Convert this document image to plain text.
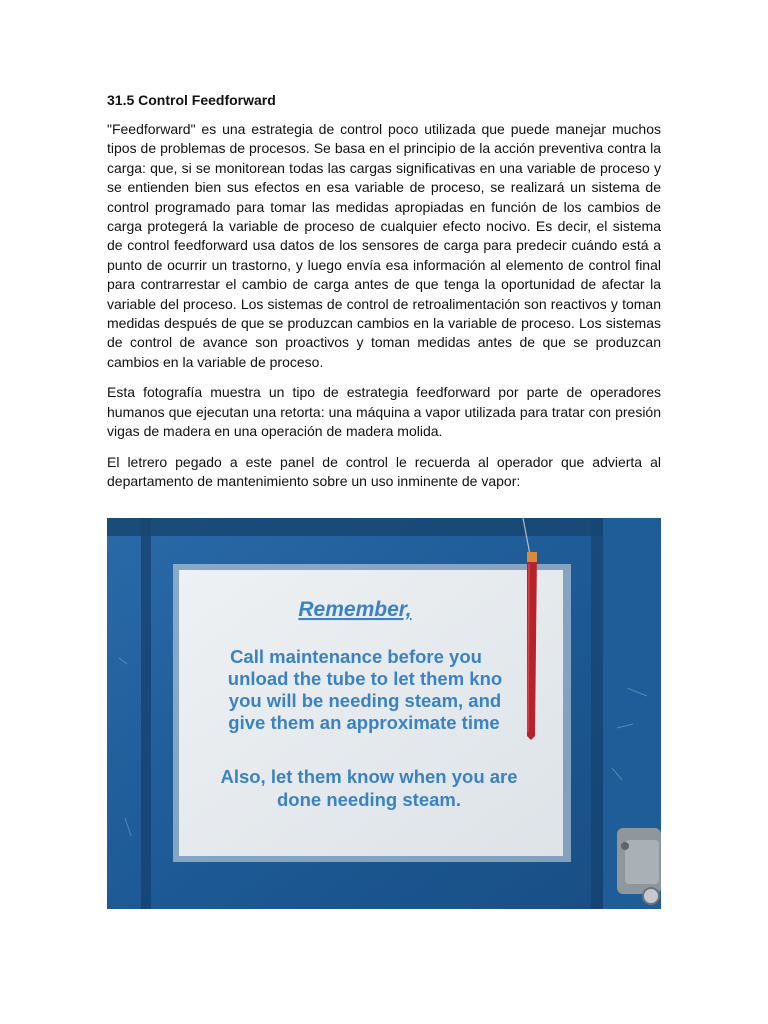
31.5 Control Feedforward

"Feedforward" es una estrategia de control poco utilizada que puede manejar muchos tipos de problemas de procesos. Se basa en el principio de la acción preventiva contra la carga: que, si se monitorean todas las cargas significativas en una variable de proceso y se entienden bien sus efectos en esa variable de proceso, se realizará un sistema de control programado para tomar las medidas apropiadas en función de los cambios de carga protegerá la variable de proceso de cualquier efecto nocivo. Es decir, el sistema de control feedforward usa datos de los sensores de carga para predecir cuándo está a punto de ocurrir un trastorno, y luego envía esa información al elemento de control final para contrarrestar el cambio de carga antes de que tenga la oportunidad de afectar la variable del proceso. Los sistemas de control de retroalimentación son reactivos y toman medidas después de que se produzcan cambios en la variable de proceso. Los sistemas de control de avance son proactivos y toman medidas antes de que se produzcan cambios en la variable de proceso.

Esta fotografía muestra un tipo de estrategia feedforward por parte de operadores humanos que ejecutan una retorta: una máquina a vapor utilizada para tratar con presión vigas de madera en una operación de madera molida.

El letrero pegado a este panel de control le recuerda al operador que advierta al departamento de mantenimiento sobre un uso inminente de vapor:

Remember,
Call maintenance before you
unload the tube to let them kno
you will be needing steam, and
give them an approximate time
Also, let them know when you are
done needing steam.
